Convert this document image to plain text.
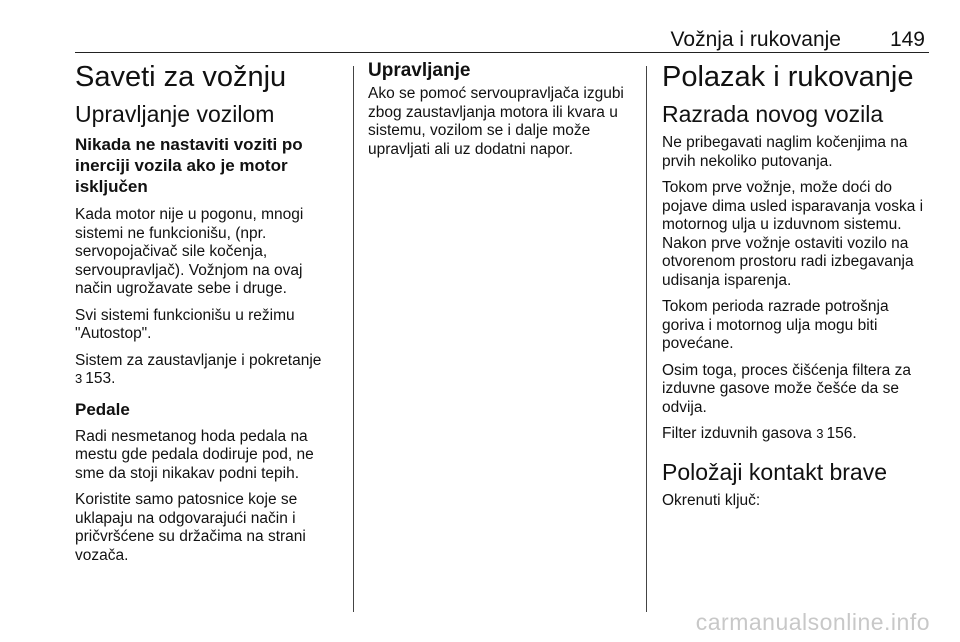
Vožnja i rukovanje 149
Saveti za vožnju
Upravljanje vozilom
Nikada ne nastaviti voziti po inerciji vozila ako je motor isključen

Kada motor nije u pogonu, mnogi sistemi ne funkcionišu, (npr. servopojačivač sile kočenja, servoupravljač). Vožnjom na ovaj način ugrožavate sebe i druge.

Svi sistemi funkcionišu u režimu "Autostop".

Sistem za zaustavljanje i pokretanje
3 153.

Pedale

Radi nesmetanog hoda pedala na mestu gde pedala dodiruje pod, ne sme da stoji nikakav podni tepih.

Koristite samo patosnice koje se uklapaju na odgovarajući način i pričvršćene su držačima na strani vozača.

Upravljanje

Ako se pomoć servoupravljača izgubi zbog zaustavljanja motora ili kvara u sistemu, vozilom se i dalje može upravljati ali uz dodatni napor.

Polazak i rukovanje
Razrada novog vozila

Ne pribegavati naglim kočenjima na prvih nekoliko putovanja.

Tokom prve vožnje, može doći do pojave dima usled isparavanja voska i motornog ulja u izduvnom sistemu. Nakon prve vožnje ostaviti vozilo na otvorenom prostoru radi izbegavanja udisanja isparenja.

Tokom perioda razrade potrošnja goriva i motornog ulja mogu biti povećane.

Osim toga, proces čišćenja filtera za izduvne gasove može češće da se odvija.

Filter izduvnih gasova 3 156.

Položaji kontakt brave

Okrenuti ključ:

carmanualsonline.info
